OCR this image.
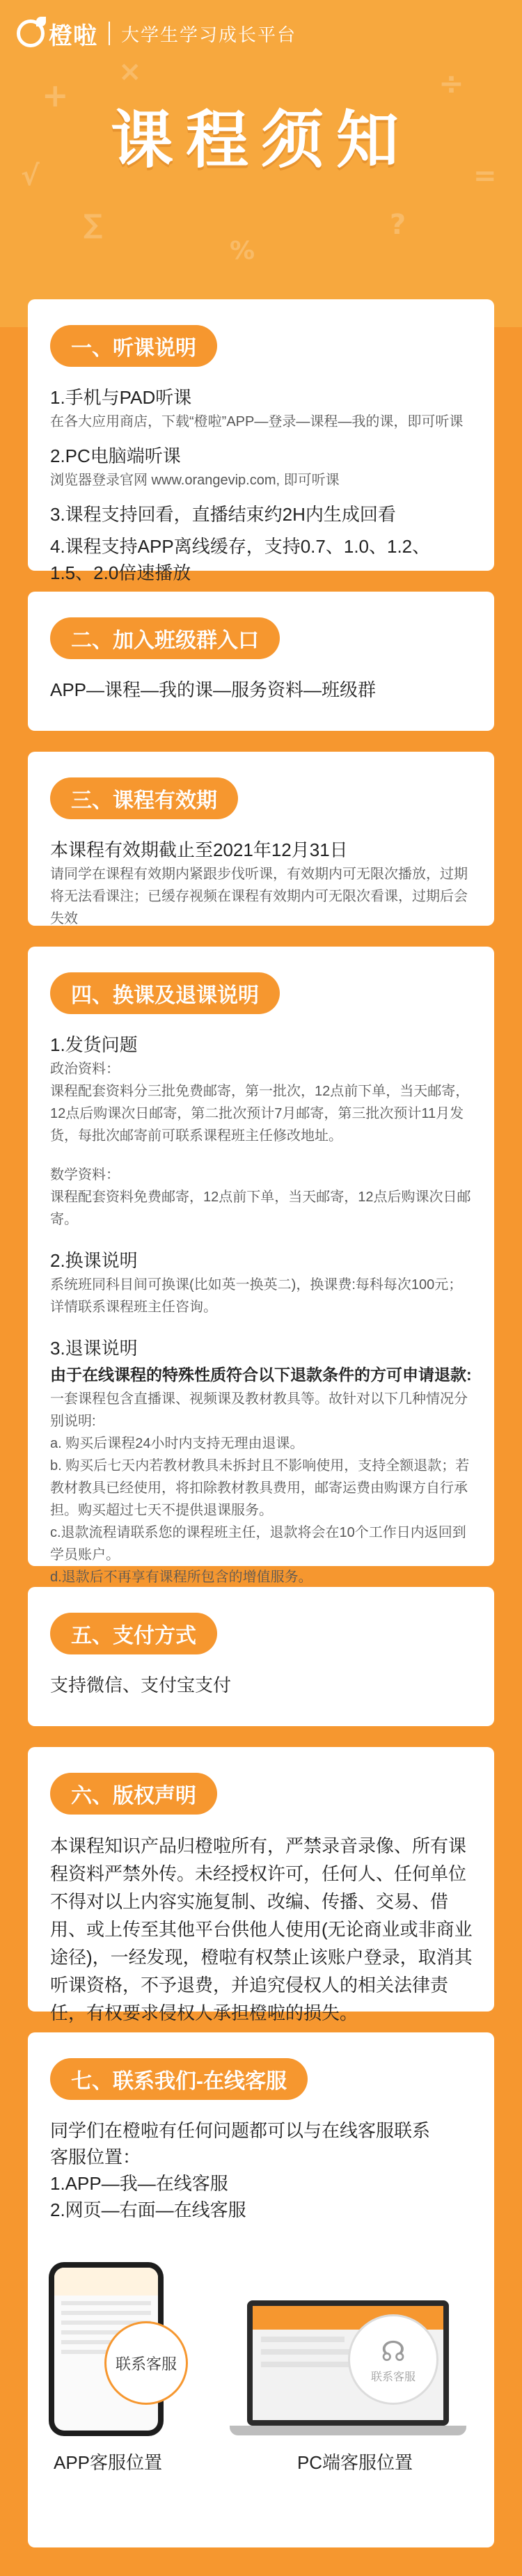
+
×	÷
?
∑
%
=
√
橙啦 大学生学习成长平台
课程须知
一、听课说明
1.手机与PAD听课
在各大应用商店，下载“橙啦”APP—登录—课程—我的课，即可听课
2.PC电脑端听课
浏览器登录官网 www.orangevip.com, 即可听课
3.课程支持回看，直播结束约2H内生成回看
4.课程支持APP离线缓存，支持0.7、1.0、1.2、1.5、2.0倍速播放
二、加入班级群入口
APP—课程—我的课—服务资料—班级群
三、课程有效期
本课程有效期截止至2021年12月31日
请同学在课程有效期内紧跟步伐听课，有效期内可无限次播放，过期将无法看课注；已缓存视频在课程有效期内可无限次看课，过期后会失效
四、换课及退课说明
1.发货问题
政治资料：
课程配套资料分三批免费邮寄，第一批次，12点前下单，当天邮寄，12点后购课次日邮寄，第二批次预计7月邮寄，第三批次预计11月发货，每批次邮寄前可联系课程班主任修改地址。
数学资料：
课程配套资料免费邮寄，12点前下单，当天邮寄，12点后购课次日邮寄。
2.换课说明
系统班同科目间可换课(比如英一换英二)，换课费:每科每次100元；详情联系课程班主任咨询。
3.退课说明
由于在线课程的特殊性质符合以下退款条件的方可申请退款:
一套课程包含直播课、视频课及教材教具等。故针对以下几种情况分别说明:
a. 购买后课程24小时内支持无理由退课。
b. 购买后七天内若教材教具未拆封且不影响使用，支持全额退款；若教材教具已经使用，将扣除教材教具费用，邮寄运费由购课方自行承担。购买超过七天不提供退课服务。
c.退款流程请联系您的课程班主任，退款将会在10个工作日内返回到学员账户。
d.退款后不再享有课程所包含的增值服务。
五、支付方式
支持微信、支付宝支付
六、版权声明
本课程知识产品归橙啦所有，严禁录音录像、所有课程资料严禁外传。未经授权许可，任何人、任何单位不得对以上内容实施复制、改编、传播、交易、借用、或上传至其他平台供他人使用(无论商业或非商业途径)，一经发现，橙啦有权禁止该账户登录，取消其听课资格，不予退费，并追究侵权人的相关法律责任，有权要求侵权人承担橙啦的损失。
七、联系我们-在线客服
同学们在橙啦有任何问题都可以与在线客服联系
客服位置：
1.APP—我—在线客服
2.网页—右面—在线客服
联系客服	☊
联系客服
APP客服位置	PC端客服位置
